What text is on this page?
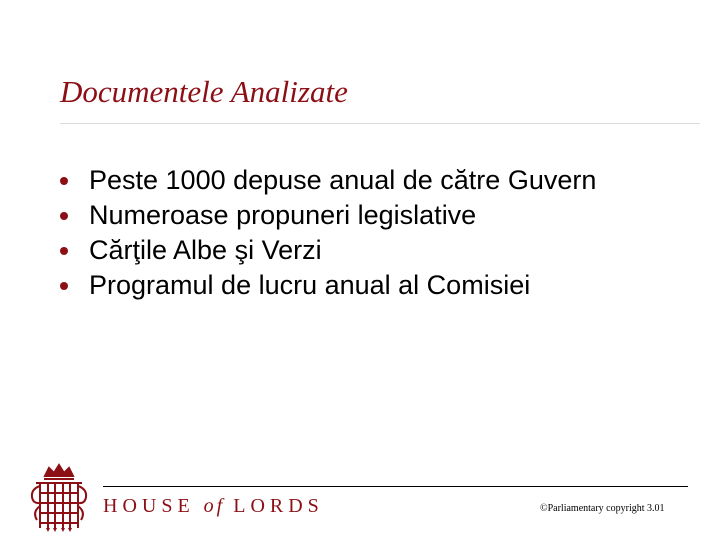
Documentele Analizate
Peste 1000 depuse anual de către Guvern
Numeroase propuneri legislative
Cărţile Albe şi Verzi
Programul de lucru anual al Comisiei
HOUSE of LORDS	©Parliamentary copyright 3.01
